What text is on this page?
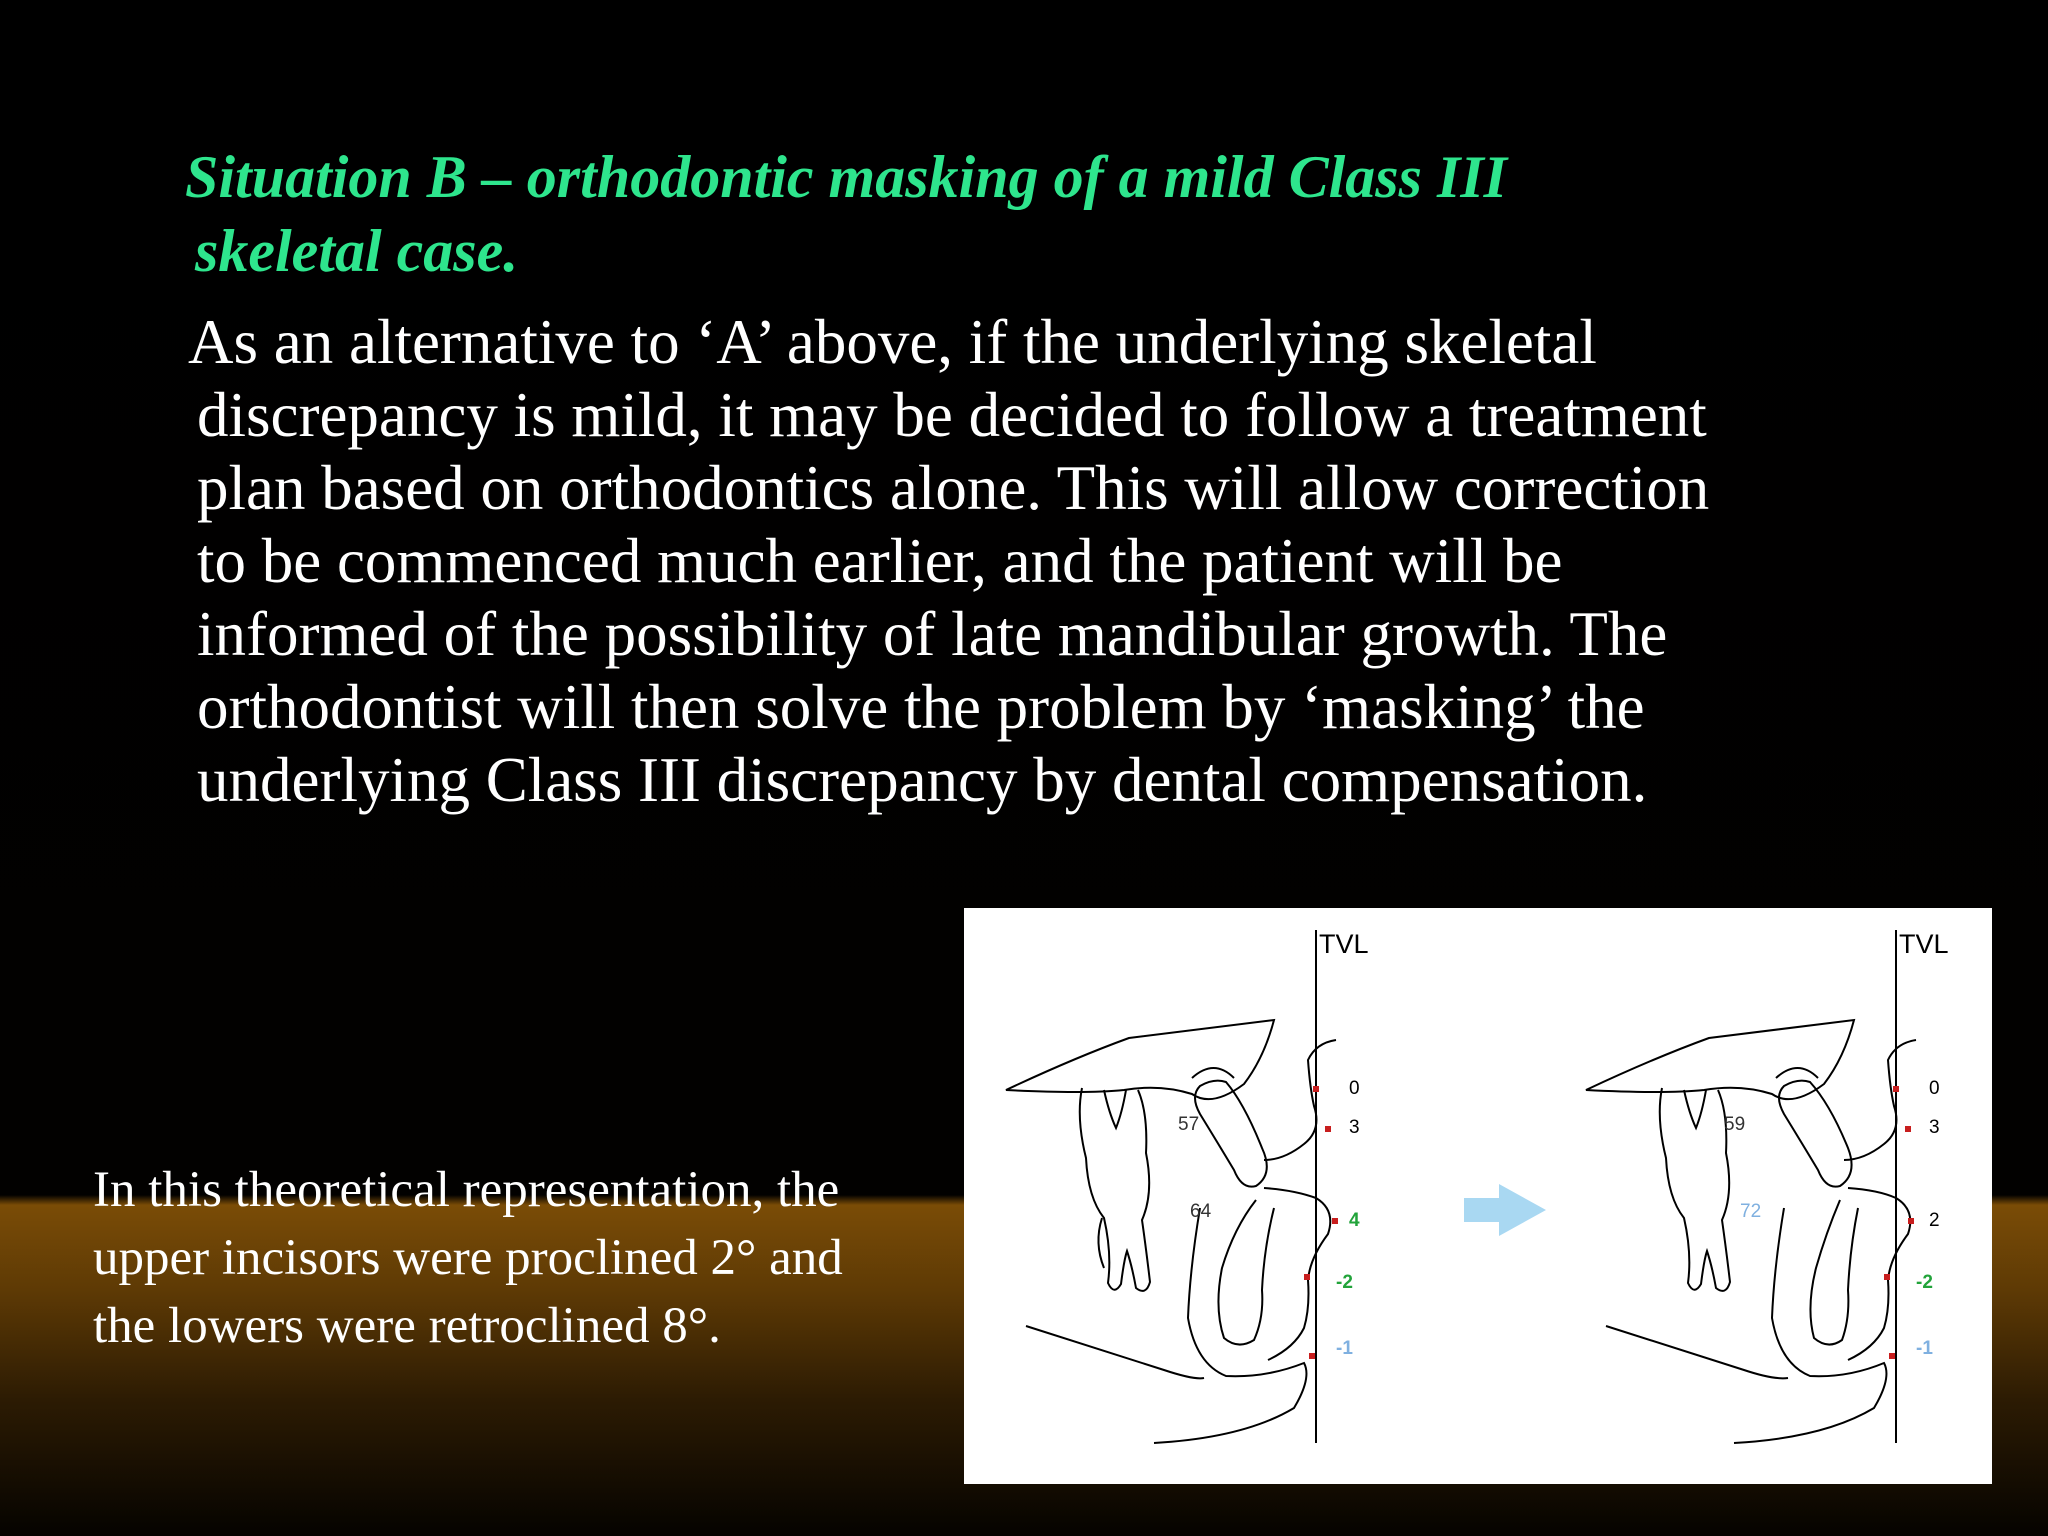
Situation B – orthodontic masking of a mild Class III
skeletal case.

As an alternative to ‘A’ above, if the underlying skeletal
discrepancy is mild, it may be decided to follow a treatment
plan based on orthodontics alone. This will allow correction
to be commenced much earlier, and the patient will be
informed of the possibility of late mandibular growth. The
orthodontist will then solve the problem by ‘masking’ the
underlying Class III discrepancy by dental compensation.

In this theoretical representation, the
upper incisors were proclined 2° and
the lowers were retroclined 8°.

TVL
57
64
0
3
4
-2
-1
TVL
59
72
0
3
2
-2
-1
